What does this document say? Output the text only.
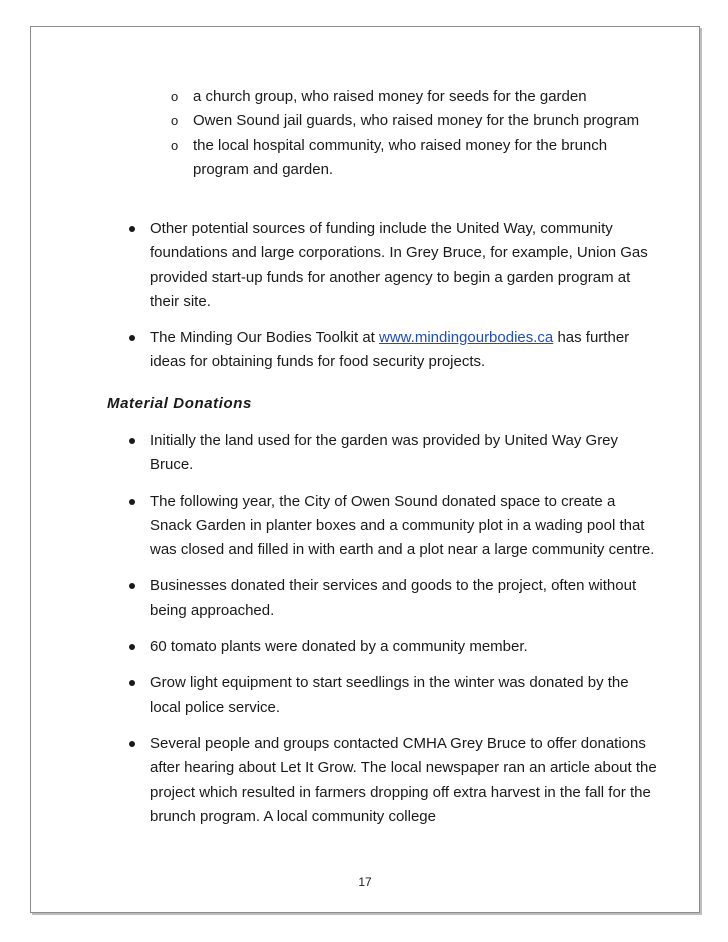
o a church group, who raised money for seeds for the garden
o Owen Sound jail guards, who raised money for the brunch program
o the local hospital community, who raised money for the brunch program and garden.
Other potential sources of funding include the United Way, community foundations and large corporations. In Grey Bruce, for example, Union Gas provided start-up funds for another agency to begin a garden program at their site.
The Minding Our Bodies Toolkit at www.mindingourbodies.ca has further ideas for obtaining funds for food security projects.
Material Donations
Initially the land used for the garden was provided by United Way Grey Bruce.
The following year, the City of Owen Sound donated space to create a Snack Garden in planter boxes and a community plot in a wading pool that was closed and filled in with earth and a plot near a large community centre.
Businesses donated their services and goods to the project, often without being approached.
60 tomato plants were donated by a community member.
Grow light equipment to start seedlings in the winter was donated by the local police service.
Several people and groups contacted CMHA Grey Bruce to offer donations after hearing about Let It Grow. The local newspaper ran an article about the project which resulted in farmers dropping off extra harvest in the fall for the brunch program. A local community college
17
